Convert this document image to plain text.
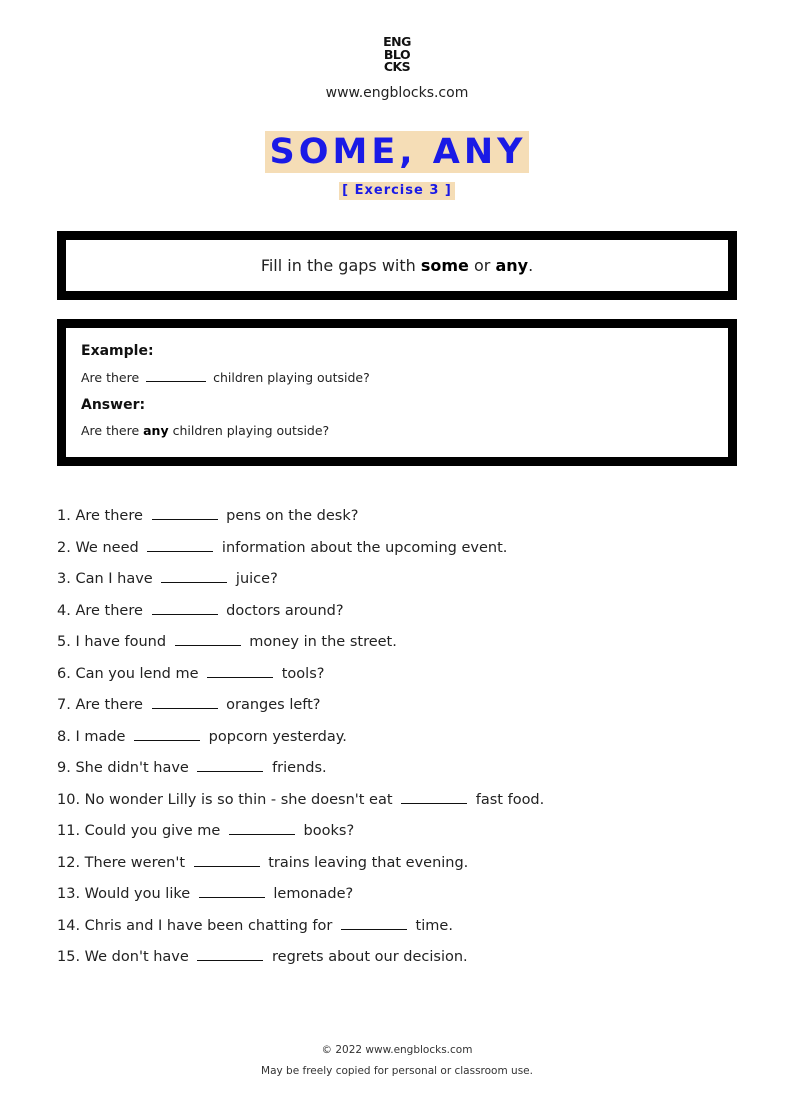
ENG
BLO
CKS
www.engblocks.com
SOME, ANY
[ Exercise 3 ]
Fill in the gaps with some or any.

Example:

Are there	children playing outside?

Answer:

Are there any children playing outside?

1. Are there	pens on the desk?
2. We need	information about the upcoming event.
3. Can I have	juice?
4. Are there	doctors around?
5. I have found	money in the street.
6. Can you lend me	tools?
7. Are there	oranges left?
8. I made	popcorn yesterday.
9. She didn't have	friends.
10. No wonder Lilly is so thin - she doesn't eat	fast food.
11. Could you give me	books?
12. There weren't	trains leaving that evening.
13. Would you like	lemonade?
14. Chris and I have been chatting for	time.
15. We don't have	regrets about our decision.
© 2022 www.engblocks.com
May be freely copied for personal or classroom use.
